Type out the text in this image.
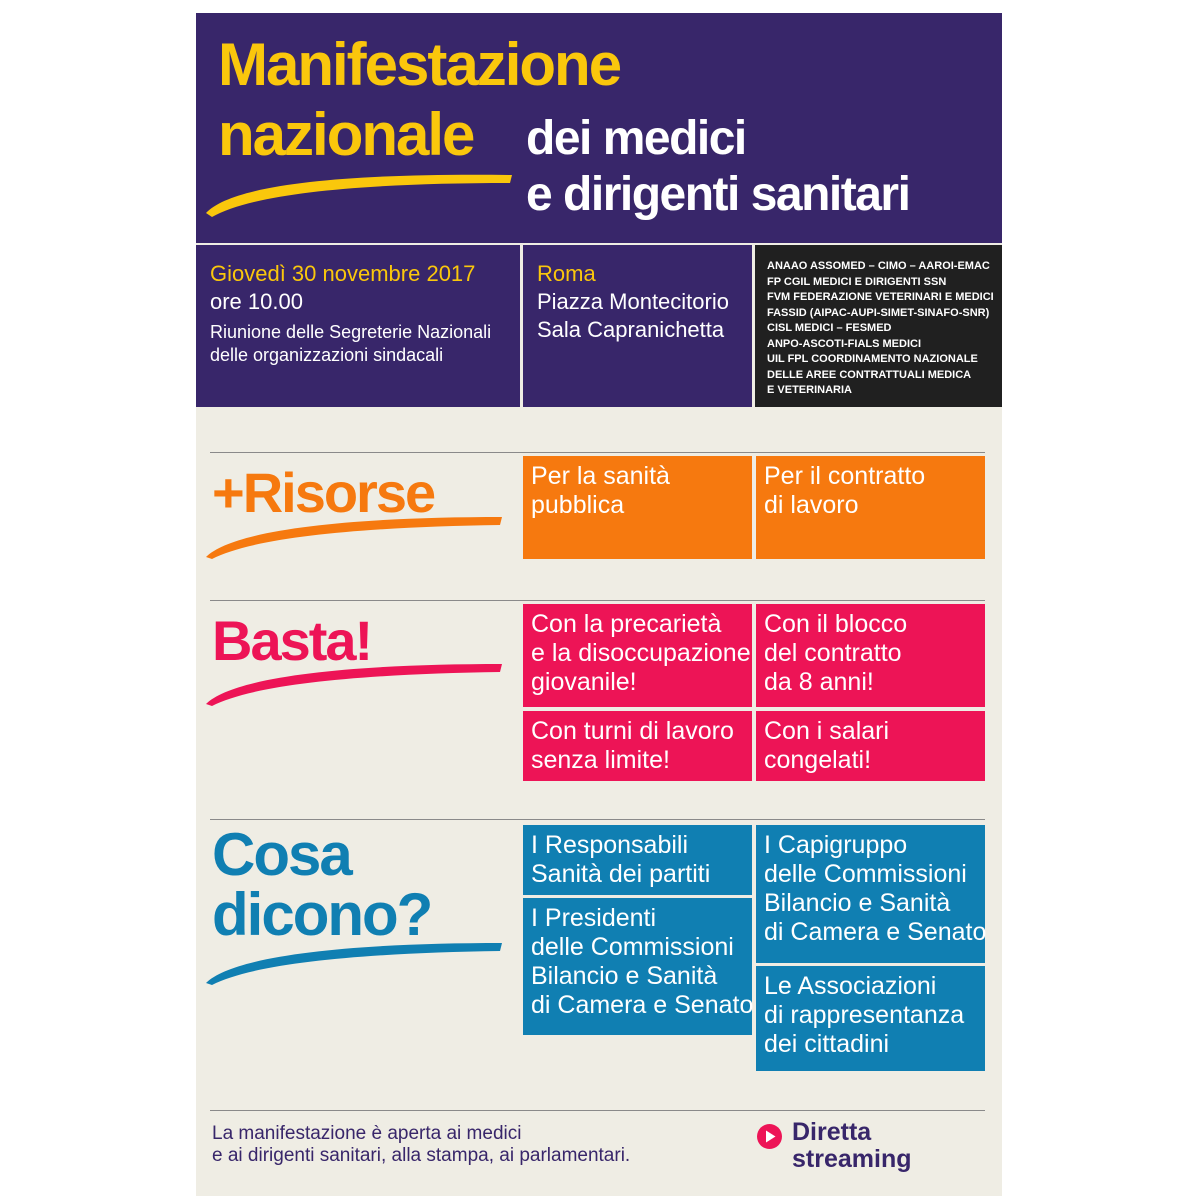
Manifestazione
nazionale dei medici
e dirigenti sanitari
Giovedì 30 novembre 2017
ore 10.00
Riunione delle Segreterie Nazionali
delle organizzazioni sindacali
Roma
Piazza Montecitorio
Sala Capranichetta
ANAAO ASSOMED – CIMO – AAROI-EMAC
FP CGIL MEDICI E DIRIGENTI SSN
FVM FEDERAZIONE VETERINARI E MEDICI
FASSID (AIPAC-AUPI-SIMET-SINAFO-SNR)
CISL MEDICI – FESMED
ANPO-ASCOTI-FIALS MEDICI
UIL FPL COORDINAMENTO NAZIONALE
DELLE AREE CONTRATTUALI MEDICA
E VETERINARIA
+Risorse	Per la sanità
pubblica
Per il contratto
di lavoro
Basta!	Con la precarietà
e la disoccupazione
giovanile!
Con il blocco
del contratto
da 8 anni!
Con turni di lavoro
senza limite!
Con i salari
congelati!
Cosa
dicono?
I Responsabili
Sanità dei partiti
I Presidenti
delle Commissioni
Bilancio e Sanità
di Camera e Senato
I Capigruppo
delle Commissioni
Bilancio e Sanità
di Camera e Senato
Le Associazioni
di rappresentanza
dei cittadini
La manifestazione è aperta ai medici
e ai dirigenti sanitari, alla stampa, ai parlamentari.
Diretta
streaming
